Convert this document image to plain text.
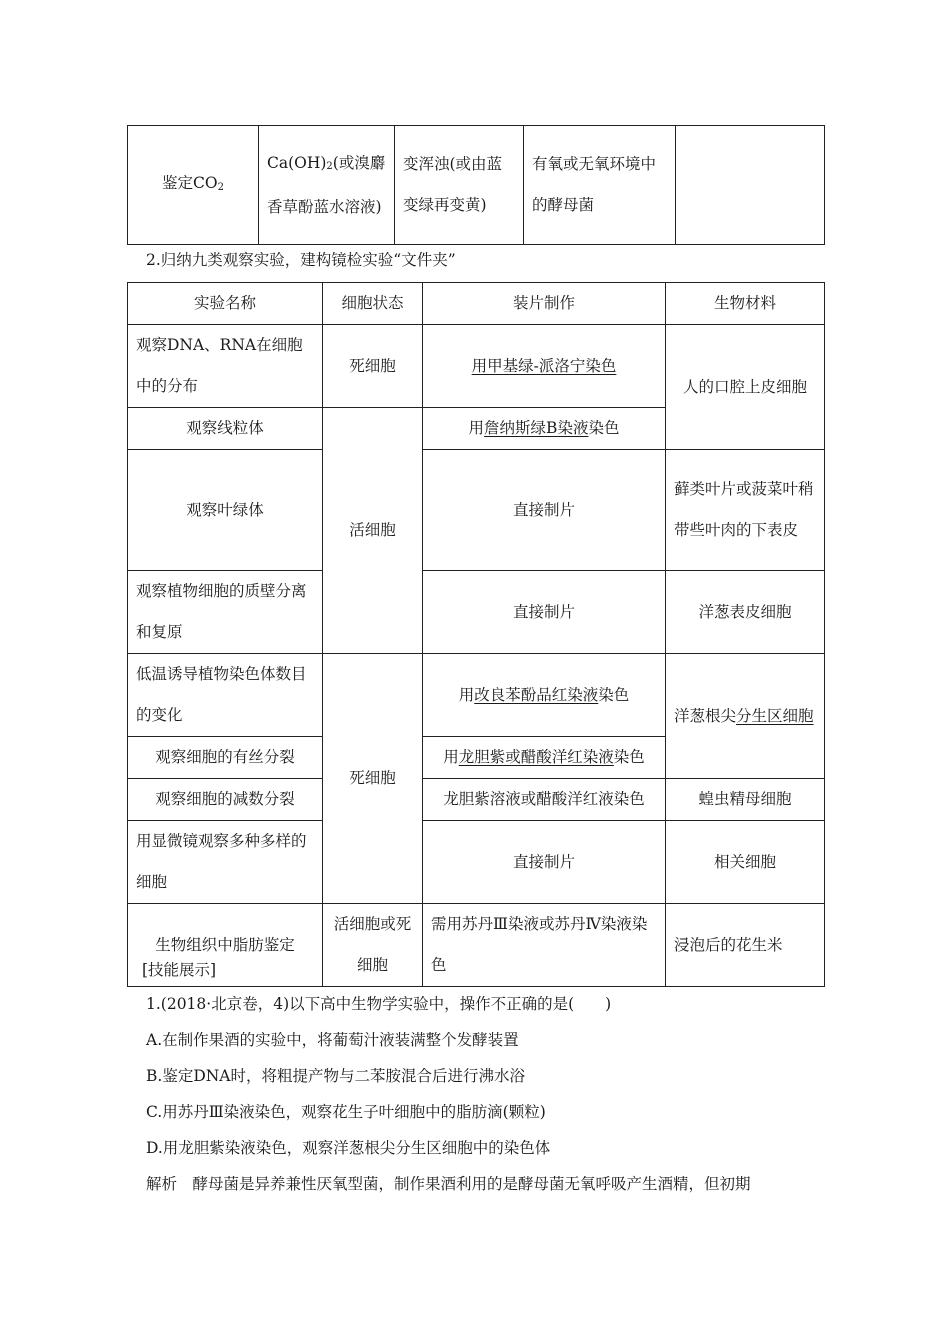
鉴定CO2	Ca(OH)2(或溴麝香草酚蓝水溶液)	变浑浊(或由蓝变绿再变黄)	有氧或无氧环境中的酵母菌	
2.归纳九类观察实验，建构镜检实验“文件夹”
实验名称	细胞状态	装片制作	生物材料
观察DNA、RNA在细胞中的分布	死细胞	用甲基绿-派洛宁染色	人的口腔上皮细胞
观察线粒体	活细胞	用詹纳斯绿B染液染色	
观察叶绿体		直接制片	藓类叶片或菠菜叶稍带些叶肉的下表皮
观察植物细胞的质壁分离和复原		直接制片	洋葱表皮细胞
低温诱导植物染色体数目的变化	死细胞	用改良苯酚品红染液染色	洋葱根尖分生区细胞
观察细胞的有丝分裂		用龙胆紫或醋酸洋红染液染色	
观察细胞的减数分裂		龙胆紫溶液或醋酸洋红液染色	蝗虫精母细胞
用显微镜观察多种多样的细胞		直接制片	相关细胞
生物组织中脂肪鉴定	活细胞或死细胞	需用苏丹Ⅲ染液或苏丹Ⅳ染液染色	浸泡后的花生米
[技能展示]
1.(2018·北京卷，4)以下高中生物学实验中，操作不正确的是(　　)
A.在制作果酒的实验中，将葡萄汁液装满整个发酵装置
B.鉴定DNA时，将粗提产物与二苯胺混合后进行沸水浴
C.用苏丹Ⅲ染液染色，观察花生子叶细胞中的脂肪滴(颗粒)
D.用龙胆紫染液染色，观察洋葱根尖分生区细胞中的染色体
解析　酵母菌是异养兼性厌氧型菌，制作果酒利用的是酵母菌无氧呼吸产生酒精，但初期
